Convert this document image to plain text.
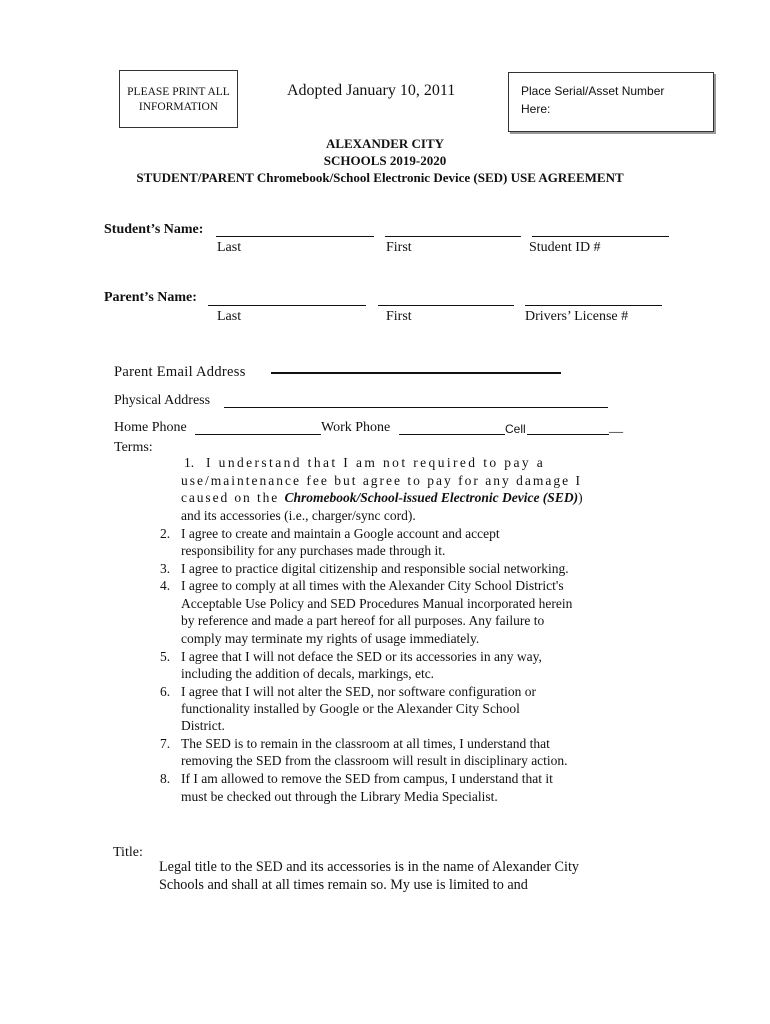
PLEASE PRINT ALL
INFORMATION
Adopted January 10, 2011	Place Serial/Asset Number
Here:
ALEXANDER CITY
SCHOOLS 2019-2020
STUDENT/PARENT Chromebook/School Electronic Device (SED) USE AGREEMENT
Student’s Name:
Last	First	Student ID #
Parent’s Name:
Last	First	Drivers’ License #
Parent Email Address
Physical Address
Home Phone	Work Phone	Cell	__
Terms:
1. I understand that I am not required to pay a
use/maintenance fee but agree to pay for any damage I
caused on the Chromebook/School-issued Electronic Device (SED))
and its accessories (i.e., charger/sync cord).
2. I agree to create and maintain a Google account and accept
responsibility for any purchases made through it.
3. I agree to practice digital citizenship and responsible social networking.
4. I agree to comply at all times with the Alexander City School District's
Acceptable Use Policy and SED Procedures Manual incorporated herein
by reference and made a part hereof for all purposes. Any failure to
comply may terminate my rights of usage immediately.
5. I agree that I will not deface the SED or its accessories in any way,
including the addition of decals, markings, etc.
6. I agree that I will not alter the SED, nor software configuration or
functionality installed by Google or the Alexander City School
District.
7. The SED is to remain in the classroom at all times, I understand that
removing the SED from the classroom will result in disciplinary action.
8. If I am allowed to remove the SED from campus, I understand that it
must be checked out through the Library Media Specialist.
Title:
Legal title to the SED and its accessories is in the name of Alexander City
Schools and shall at all times remain so. My use is limited to and
